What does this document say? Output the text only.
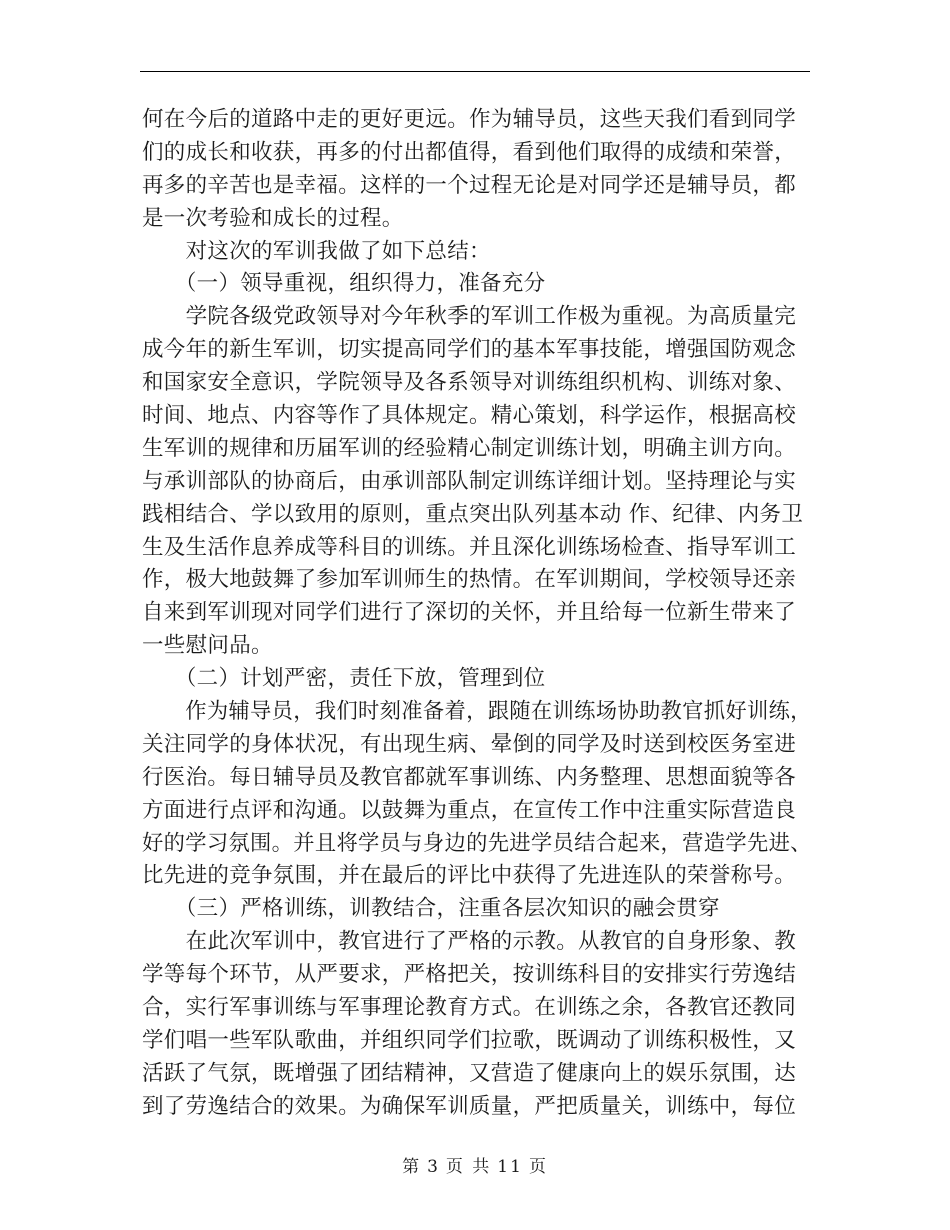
何在今后的道路中走的更好更远。作为辅导员，这些天我们看到同学
们的成长和收获，再多的付出都值得，看到他们取得的成绩和荣誉，
再多的辛苦也是幸福。这样的一个过程无论是对同学还是辅导员，都
是一次考验和成长的过程。
　　对这次的军训我做了如下总结：
　　（一）领导重视，组织得力，准备充分
　　学院各级党政领导对今年秋季的军训工作极为重视。为高质量完
成今年的新生军训，切实提高同学们的基本军事技能，增强国防观念
和国家安全意识，学院领导及各系领导对训练组织机构、训练对象、
时间、地点、内容等作了具体规定。精心策划，科学运作，根据高校
生军训的规律和历届军训的经验精心制定训练计划，明确主训方向。
与承训部队的协商后，由承训部队制定训练详细计划。坚持理论与实
践相结合、学以致用的原则，重点突出队列基本动 作、纪律、内务卫
生及生活作息养成等科目的训练。并且深化训练场检查、指导军训工
作，极大地鼓舞了参加军训师生的热情。在军训期间，学校领导还亲
自来到军训现对同学们进行了深切的关怀，并且给每一位新生带来了
一些慰问品。
　　（二）计划严密，责任下放，管理到位
　　作为辅导员，我们时刻准备着，跟随在训练场协助教官抓好训练，
关注同学的身体状况，有出现生病、晕倒的同学及时送到校医务室进
行医治。每日辅导员及教官都就军事训练、内务整理、思想面貌等各
方面进行点评和沟通。以鼓舞为重点，在宣传工作中注重实际营造良
好的学习氛围。并且将学员与身边的先进学员结合起来，营造学先进、
比先进的竞争氛围，并在最后的评比中获得了先进连队的荣誉称号。
　　（三）严格训练，训教结合，注重各层次知识的融会贯穿
　　在此次军训中，教官进行了严格的示教。从教官的自身形象、教
学等每个环节，从严要求，严格把关，按训练科目的安排实行劳逸结
合，实行军事训练与军事理论教育方式。在训练之余，各教官还教同
学们唱一些军队歌曲，并组织同学们拉歌，既调动了训练积极性，又
活跃了气氛，既增强了团结精神，又营造了健康向上的娱乐氛围，达
到了劳逸结合的效果。为确保军训质量，严把质量关，训练中，每位
第 3 页 共 11 页
